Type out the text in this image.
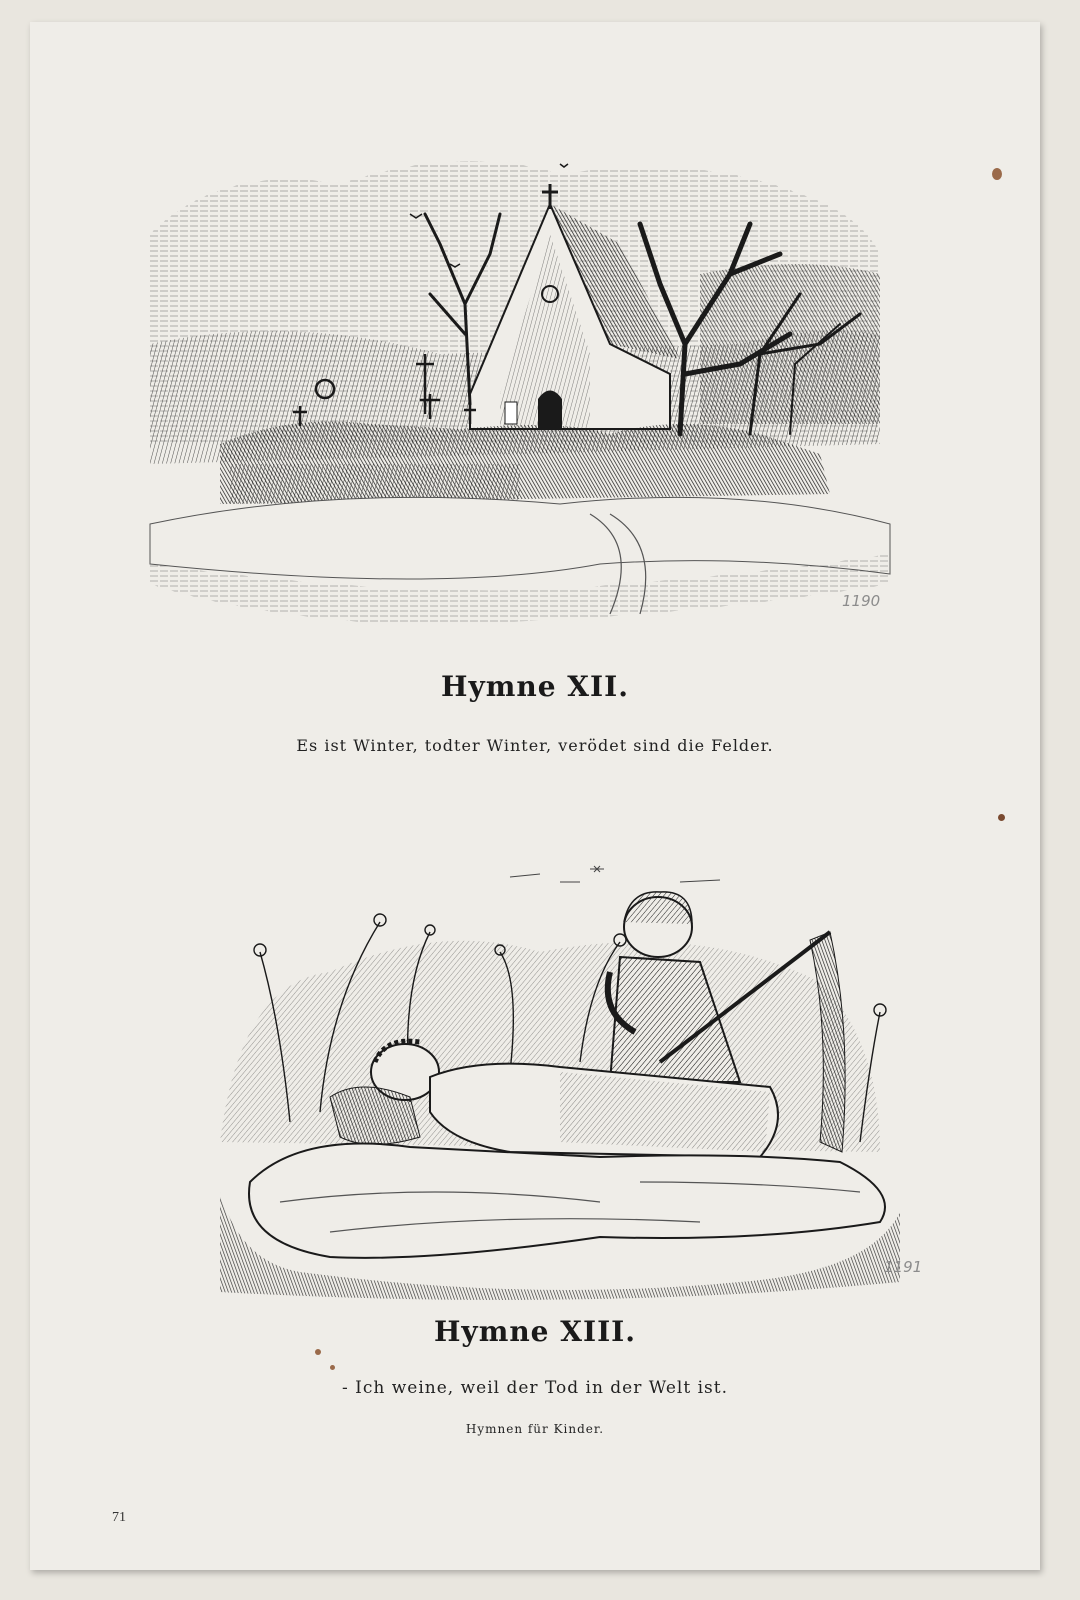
1190
Hymne XII.
Es ist Winter, todter Winter, verödet sind die Felder.
1191
Hymne XIII.
- Ich weine, weil der Tod in der Welt ist.
Hymnen für Kinder.
71
